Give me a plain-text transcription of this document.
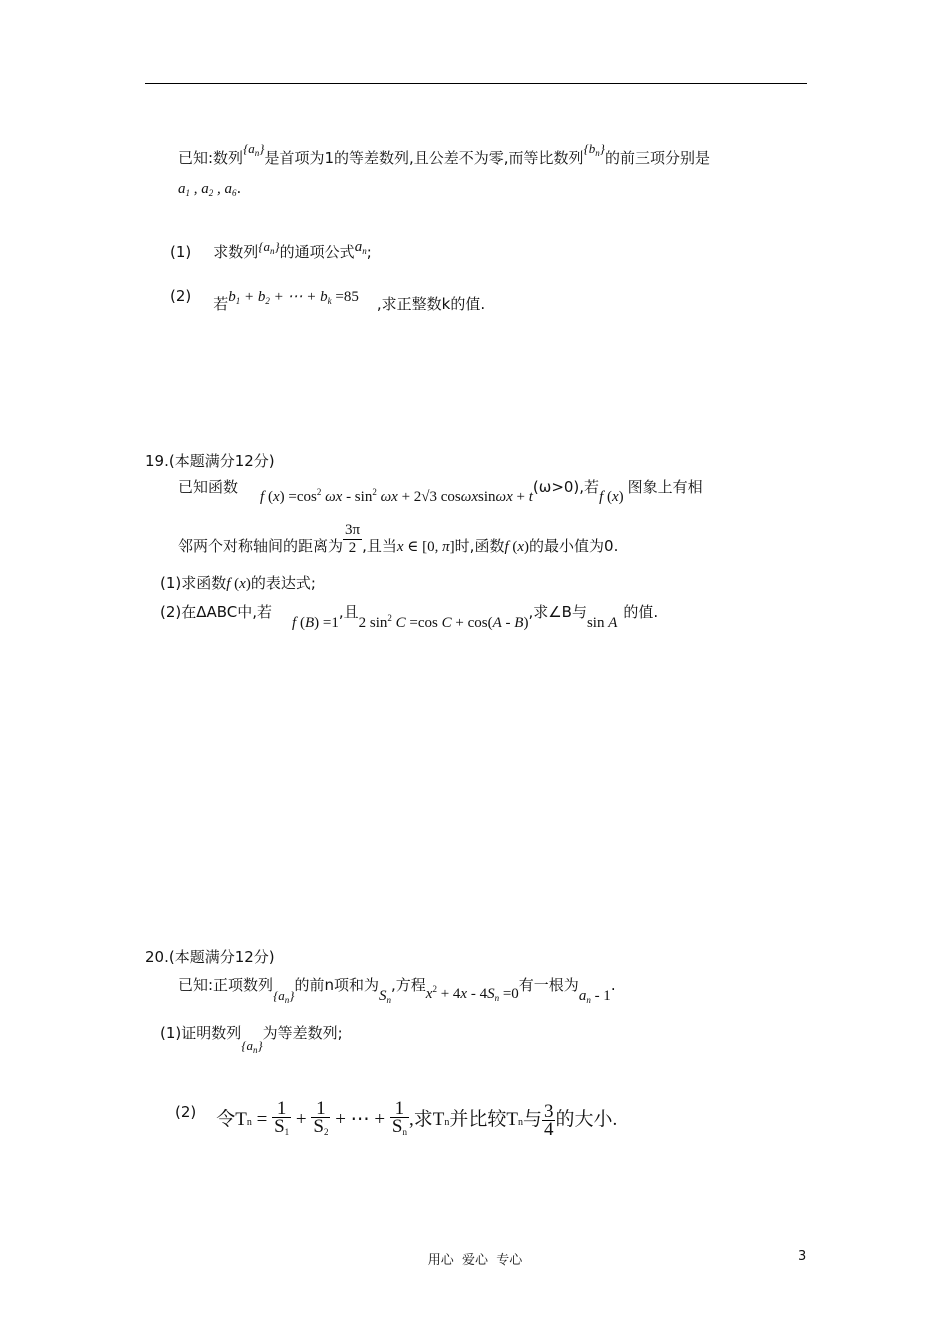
已知:数列$\{a_n\}$是首项为1的等差数列,且公差不为零,而等比数列$\{b_n\}$的前三项分别是
$a_1$ , $a_2$ , $a_6$.
(1) 求数列$\{a_n\}$的通项公式$a_n$;
(2) 若$b_1 + b_2$ + ⋯ + $b_k =85$ ,求正整数k的值.
19.(本题满分12分)
已知函数f $(x) =\cos^2$ $\omega x - \sin^2 \omega x + 2√3$ cosωxsinωx + t(ω>0),若f (x)图象上有相
邻两个对称轴间的距离为 $\frac{3\pi}{2}$ ,且当x ∈ [0, π]时,函数f (x)的最小值为0.
(1)求函数f (x)的表达式;
(2)在ΔABC中,若f (B) =1,且2 $\sin^2 C =\cos$ C + cos(A - B),求∠B与sin A的值.
20.(本题满分12分)
已知:正项数列$\{a_n\}$的前n项和为$S_n$,方程$x^2 + 4x - 4S_n =0$有一根为$a_n - 1$.
(1)证明数列$\{a_n\}$为等差数列;
(2) 令$Tn = \frac{1}{S_1} + \frac{1}{S_2}$ + ⋯ + $\frac{1}{S_n}$ ,求Tn并比较Tn与 $\frac{3}{4}$ 的大小.
用心  爱心  专心	3
